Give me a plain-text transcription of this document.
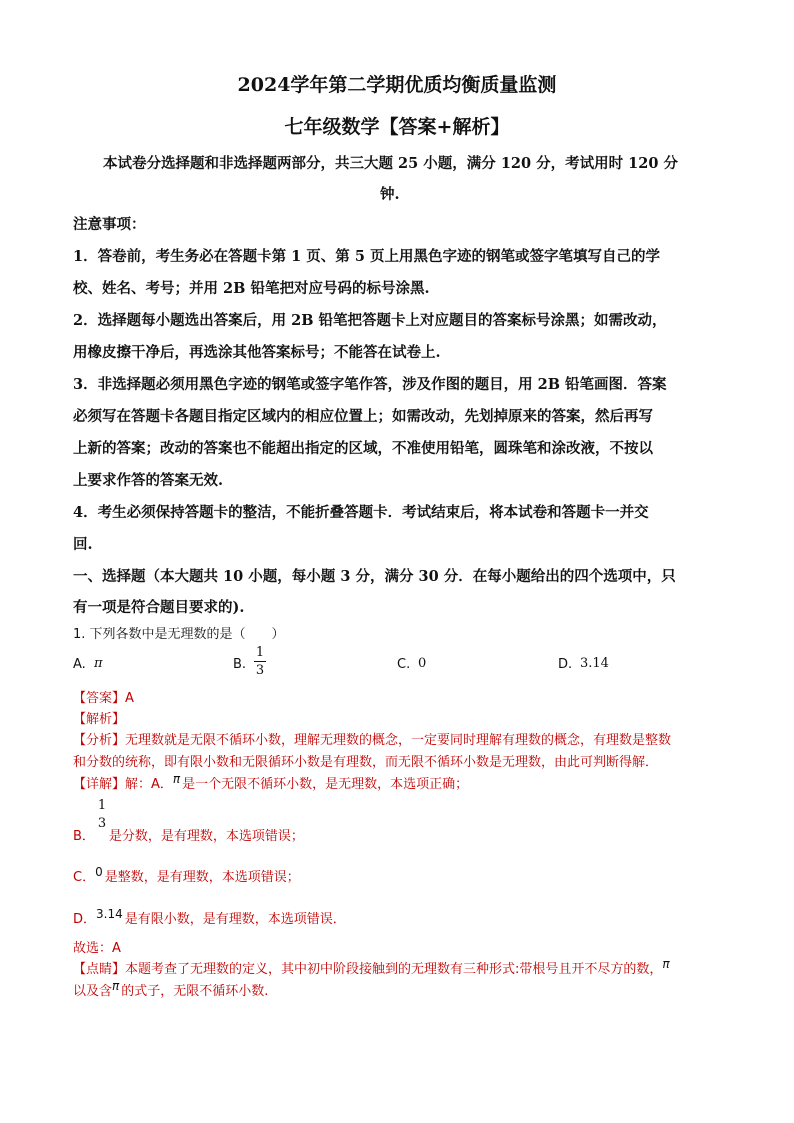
2024学年第二学期优质均衡质量监测
七年级数学【答案+解析】
本试卷分选择题和非选择题两部分，共三大题 25 小题，满分 120 分，考试用时 120 分
钟.
注意事项：
1．答卷前，考生务必在答题卡第 1 页、第 5 页上用黑色字迹的钢笔或签字笔填写自己的学
校、姓名、考号；并用 2B 铅笔把对应号码的标号涂黑.
2．选择题每小题选出答案后，用 2B 铅笔把答题卡上对应题目的答案标号涂黑；如需改动，
用橡皮擦干净后，再选涂其他答案标号；不能答在试卷上.
3．非选择题必须用黑色字迹的钢笔或签字笔作答，涉及作图的题目，用 2B 铅笔画图．答案
必须写在答题卡各题目指定区域内的相应位置上；如需改动，先划掉原来的答案，然后再写
上新的答案；改动的答案也不能超出指定的区域，不准使用铅笔，圆珠笔和涂改液，不按以
上要求作答的答案无效.
4．考生必须保持答题卡的整洁，不能折叠答题卡．考试结束后，将本试卷和答题卡一并交
回.
一、选择题（本大题共 10 小题，每小题 3 分，满分 30 分．在每小题给出的四个选项中，只
有一项是符合题目要求的).
1. 下列各数中是无理数的是（　　）
A. π	B.
1
3	C. 0	D. 3.14
【答案】A
【解析】
【分析】无理数就是无限不循环小数，理解无理数的概念，一定要同时理解有理数的概念，有理数是整数
和分数的统称，即有限小数和无限循环小数是有理数，而无限不循环小数是无理数，由此可判断得解．
【详解】解：A．π 是一个无限不循环小数，是无理数，本选项正确；
1
3
B． 是分数，是有理数，本选项错误；
C．0 是整数，是有理数，本选项错误；
D．3.14 是有限小数，是有理数，本选项错误．
故选：A
【点睛】本题考查了无理数的定义，其中初中阶段接触到的无理数有三种形式:带根号且开不尽方的数，π
以及含π 的式子，无限不循环小数.
